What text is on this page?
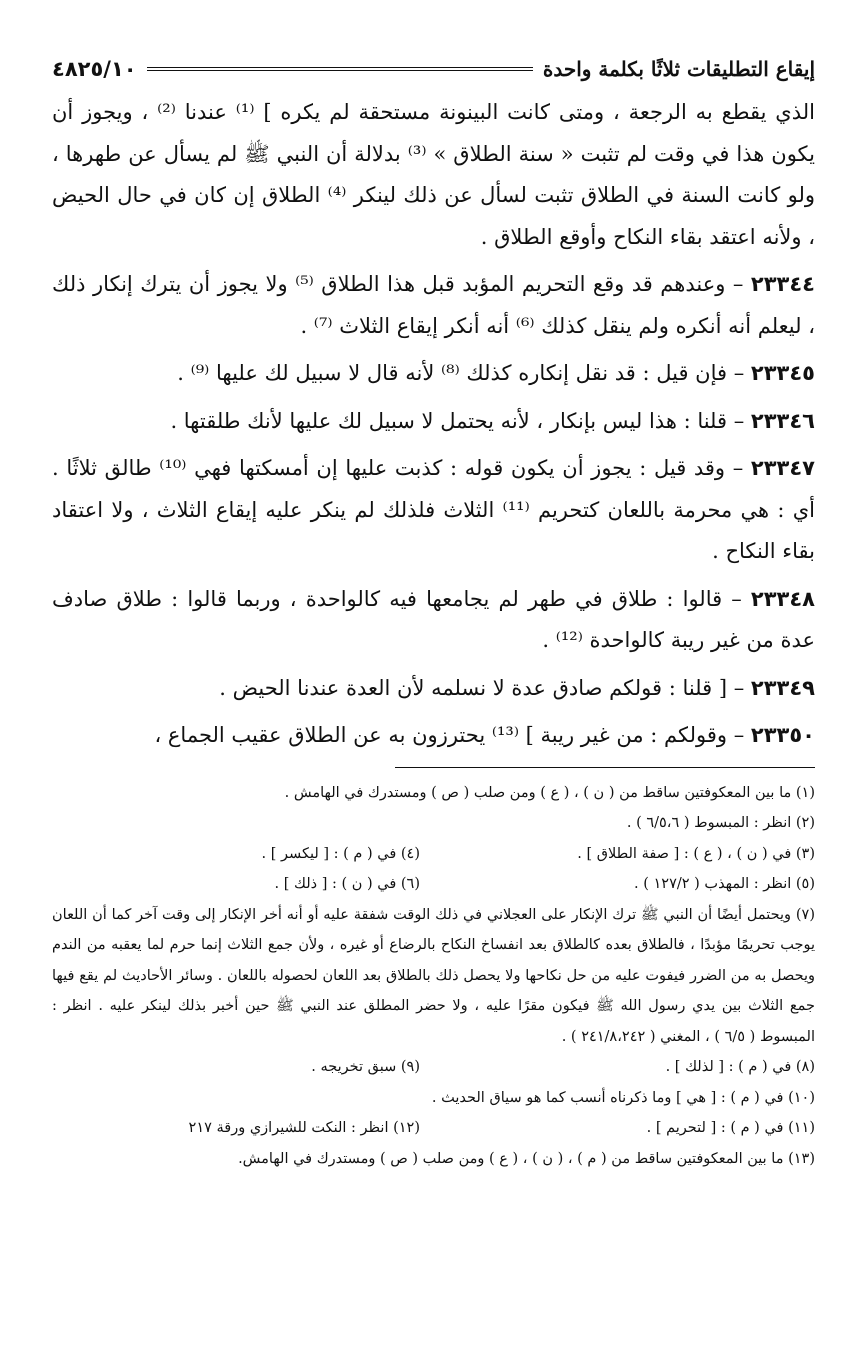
إيقاع التطليقات ثلاثًا بكلمة واحدة
٤٨٢٥/١٠

الذي يقطع به الرجعة ، ومتى كانت البينونة مستحقة لم يكره ] ⁽¹⁾ عندنا ⁽²⁾ ، ويجوز أن يكون هذا في وقت لم تثبت « سنة الطلاق » ⁽³⁾ بدلالة أن النبي ﷺ لم يسأل عن طهرها ، ولو كانت السنة في الطلاق تثبت لسأل عن ذلك لينكر ⁽⁴⁾ الطلاق إن كان في حال الحيض ، ولأنه اعتقد بقاء النكاح وأوقع الطلاق .

٢٣٣٤٤ – وعندهم قد وقع التحريم المؤبد قبل هذا الطلاق ⁽⁵⁾ ولا يجوز أن يترك إنكار ذلك ، ليعلم أنه أنكره ولم ينقل كذلك ⁽⁶⁾ أنه أنكر إيقاع الثلاث ⁽⁷⁾ .

٢٣٣٤٥ – فإن قيل : قد نقل إنكاره كذلك ⁽⁸⁾ لأنه قال لا سبيل لك عليها ⁽⁹⁾ .

٢٣٣٤٦ – قلنا : هذا ليس بإنكار ، لأنه يحتمل لا سبيل لك عليها لأنك طلقتها .

٢٣٣٤٧ – وقد قيل : يجوز أن يكون قوله : كذبت عليها إن أمسكتها فهي ⁽¹⁰⁾ طالق ثلاثًا . أي : هي محرمة باللعان كتحريم ⁽¹¹⁾ الثلاث فلذلك لم ينكر عليه إيقاع الثلاث ، ولا اعتقاد بقاء النكاح .

٢٣٣٤٨ – قالوا : طلاق في طهر لم يجامعها فيه كالواحدة ، وربما قالوا : طلاق صادف عدة من غير ريبة كالواحدة ⁽¹²⁾ .

٢٣٣٤٩ – [ قلنا : قولكم صادق عدة لا نسلمه لأن العدة عندنا الحيض .

٢٣٣٥٠ – وقولكم : من غير ريبة ] ⁽¹³⁾ يحترزون به عن الطلاق عقيب الجماع ،

(١) ما بين المعكوفتين ساقط من ( ن ) ، ( ع ) ومن صلب ( ص ) ومستدرك في الهامش .

(٢) انظر : المبسوط ( ٦/٥،٦ ) .

(٣) في ( ن ) ، ( ع ) : [ صفة الطلاق ] .
(٤) في ( م ) : [ ليكسر ] .
(٥) انظر : المهذب ( ١٢٧/٢ ) .
(٦) في ( ن ) : [ ذلك ] .

(٧) ويحتمل أيضًا أن النبي ﷺ ترك الإنكار على العجلاني في ذلك الوقت شفقة عليه أو أنه أخر الإنكار إلى وقت آخر كما أن اللعان يوجب تحريمًا مؤبدًا ، فالطلاق بعده كالطلاق بعد انفساخ النكاح بالرضاع أو غيره ، ولأن جمع الثلاث إنما حرم لما يعقبه من الندم ويحصل به من الضرر فيفوت عليه من حل نكاحها ولا يحصل ذلك بالطلاق بعد اللعان لحصوله باللعان . وسائر الأحاديث لم يقع فيها جمع الثلاث بين يدي رسول الله ﷺ فيكون مقرًا عليه ، ولا حضر المطلق عند النبي ﷺ حين أخبر بذلك لينكر عليه . انظر : المبسوط ( ٦/٥ ) ، المغني ( ٢٤١/٨،٢٤٢ ) .

(٨) في ( م ) : [ لذلك ] .
(٩) سبق تخريجه .

(١٠) في ( م ) : [ هي ] وما ذكرناه أنسب كما هو سياق الحديث .

(١١) في ( م ) : [ لتحريم ] .
(١٢) انظر : النكت للشيرازي ورقة ٢١٧

(١٣) ما بين المعكوفتين ساقط من ( م ) ، ( ن ) ، ( ع ) ومن صلب ( ص ) ومستدرك في الهامش.
